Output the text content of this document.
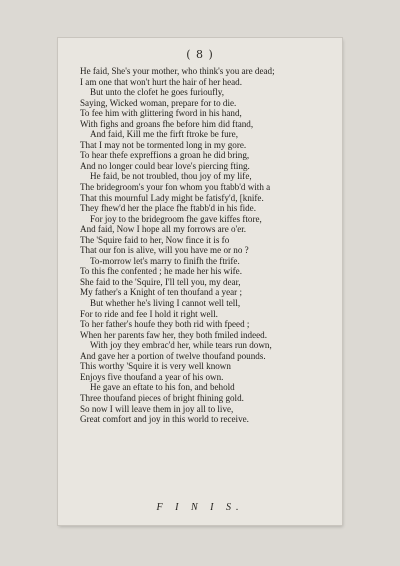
( 8 )
He faid, She's your mother, who think's you are dead;
I am one that won't hurt the hair of her head.
But unto the clofet he goes furioufly,
Saying, Wicked woman, prepare for to die.
To fee him with glittering fword in his hand,
With fighs and groans fhe before him did ftand,
And faid, Kill me the firft ftroke be fure,
That I may not be tormented long in my gore.
To hear thefe expreffions a groan he did bring,
And no longer could bear love's piercing fting.
He faid, be not troubled, thou joy of my life,
The bridegroom's your fon whom you ftabb'd with a
That this mournful Lady might be fatisfy'd, [knife.
They fhew'd her the place fhe ftabb'd in his fide.
For joy to the bridegroom fhe gave kiffes ftore,
And faid, Now I hope all my forrows are o'er.
The 'Squire faid to her, Now fince it is fo
That our fon is alive, will you have me or no ?
To-morrow let's marry to finifh the ftrife.
To this fhe confented ; he made her his wife.
She faid to the 'Squire, I'll tell you, my dear,
My father's a Knight of ten thoufand a year ;
But whether he's living I cannot well tell,
For to ride and fee I hold it right well.
To her father's houfe they both rid with fpeed ;
When her parents faw her, they both fmiled indeed.
With joy they embrac'd her, while tears run down,
And gave her a portion of twelve thoufand pounds.
This worthy 'Squire it is very well known
Enjoys five thoufand a year of his own.
He gave an eftate to his fon, and behold
Three thoufand pieces of bright fhining gold.
So now I will leave them in joy all to live,
Great comfort and joy in this world to receive.
F I N I S.
